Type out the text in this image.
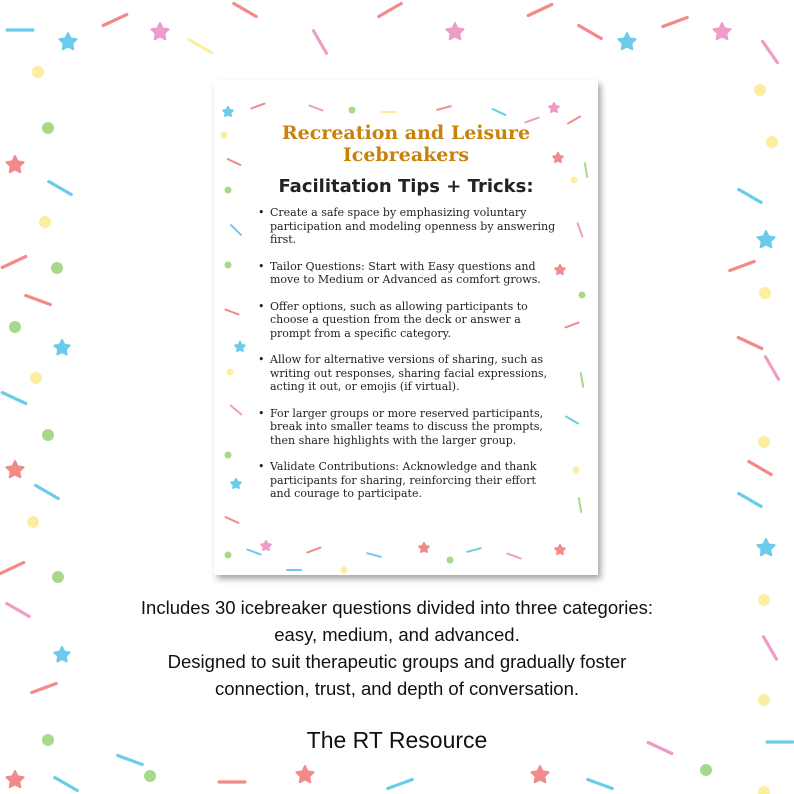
Recreation and Leisure
Icebreakers
Facilitation Tips + Tricks:
• Create a safe space by emphasizing voluntary participation and modeling openness by answering first.
• Tailor Questions: Start with Easy questions and move to Medium or Advanced as comfort grows.
• Offer options, such as allowing participants to choose a question from the deck or answer a prompt from a specific category.
• Allow for alternative versions of sharing, such as writing out responses, sharing facial expressions, acting it out, or emojis (if virtual).
• For larger groups or more reserved participants, break into smaller teams to discuss the prompts, then share highlights with the larger group.
• Validate Contributions: Acknowledge and thank participants for sharing, reinforcing their effort and courage to participate.
Includes 30 icebreaker questions divided into three categories:
easy, medium, and advanced.
Designed to suit therapeutic groups and gradually foster
connection, trust, and depth of conversation.
The RT Resource
